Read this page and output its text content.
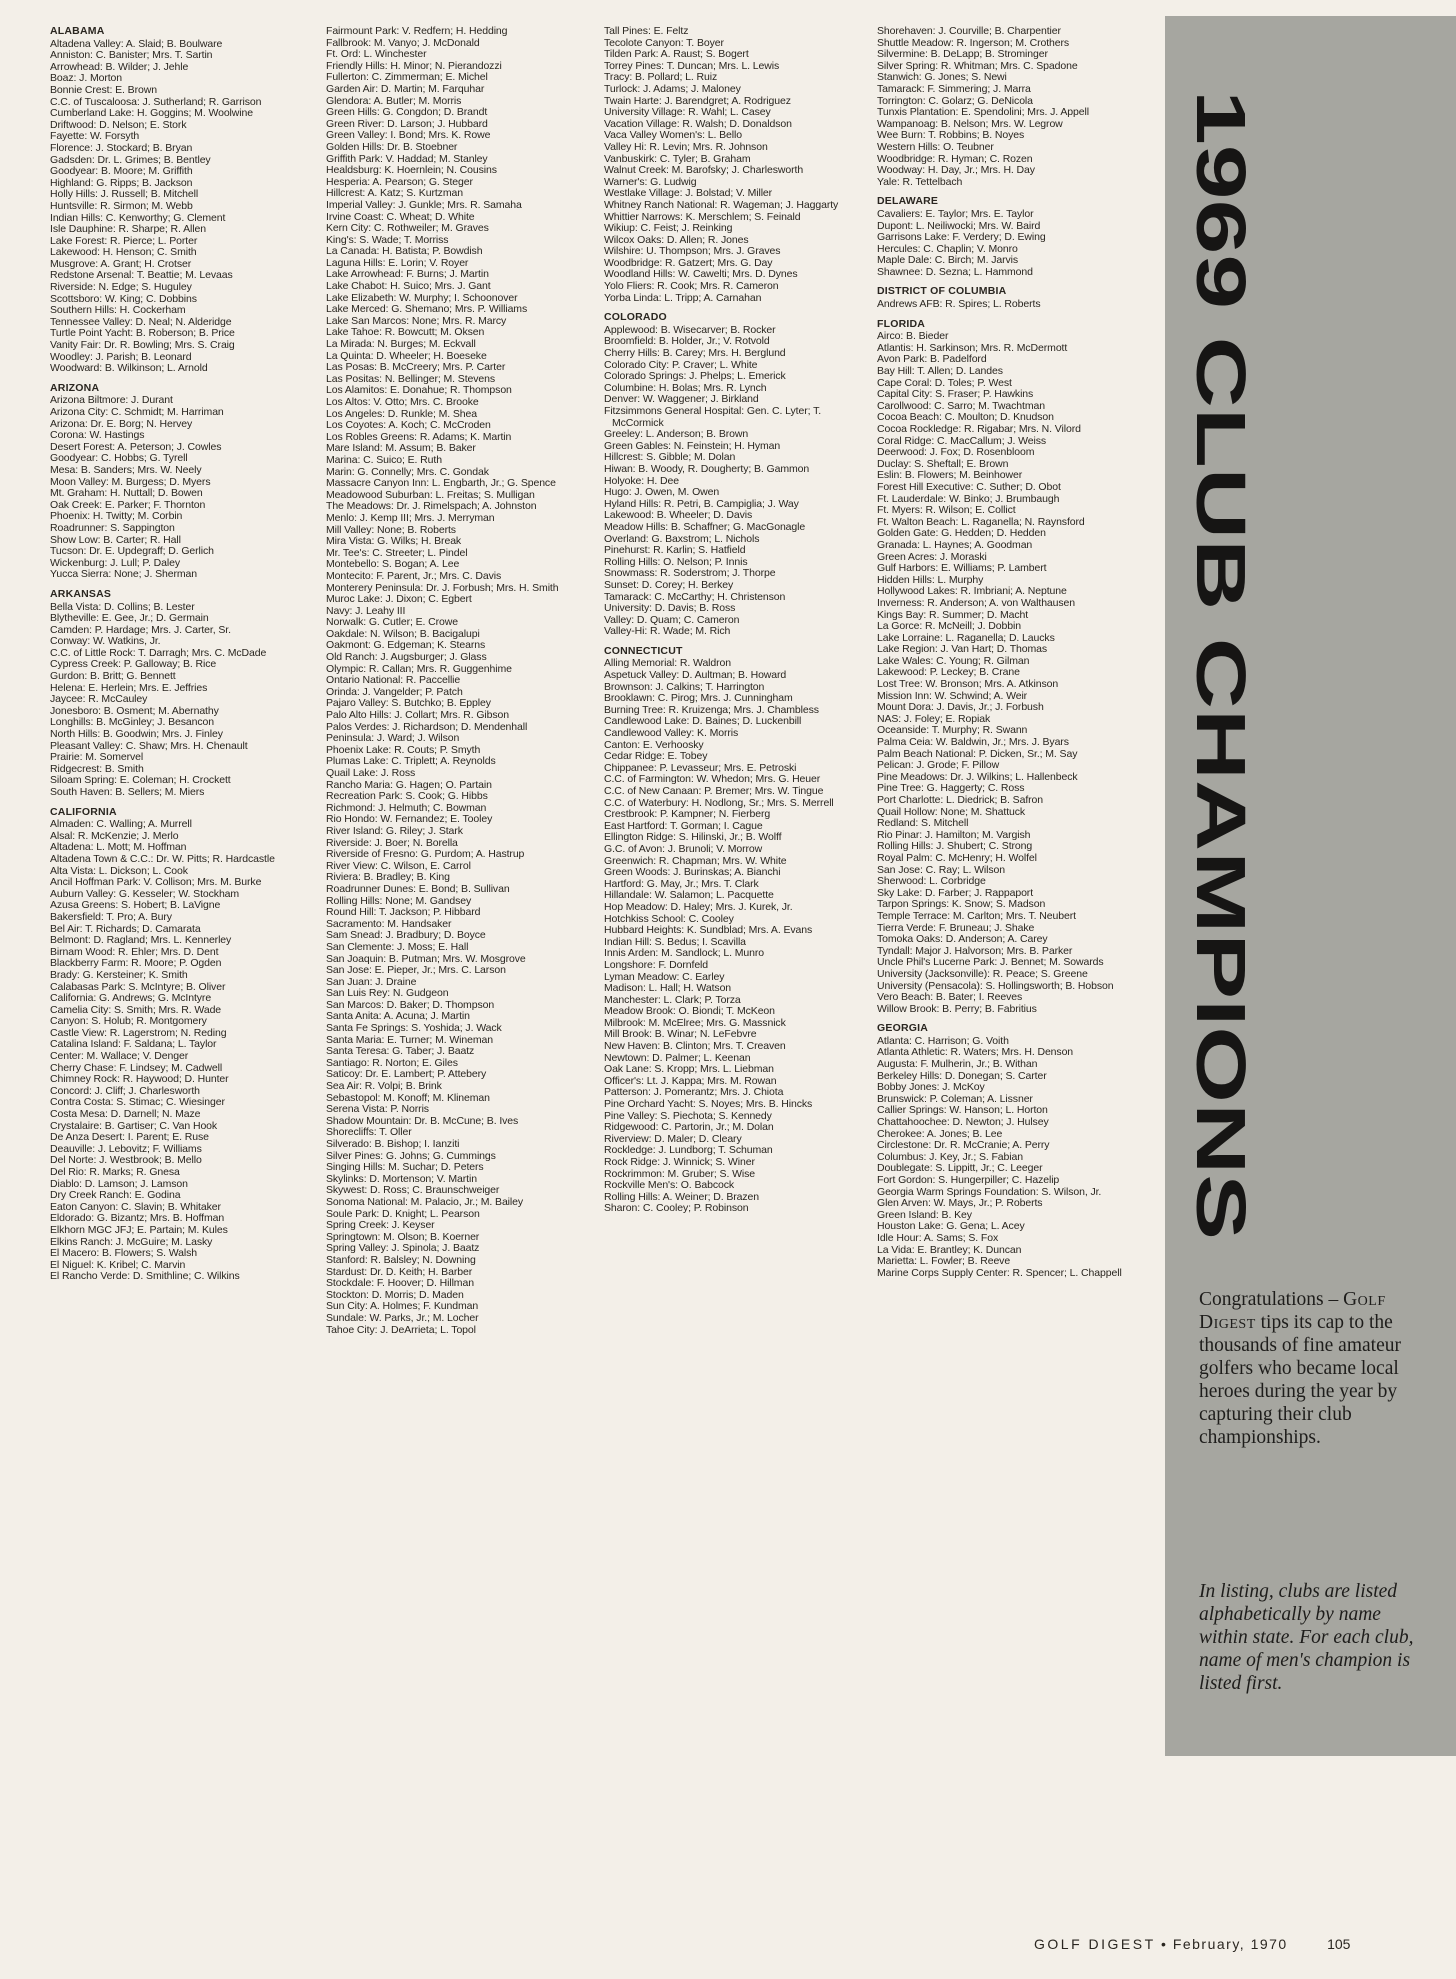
ALABAMA
Altadena Valley: A. Slaid; B. Boulware
Anniston: C. Banister; Mrs. T. Sartin
Arrowhead: B. Wilder; J. Jehle
Boaz: J. Morton
Bonnie Crest: E. Brown
C.C. of Tuscaloosa: J. Sutherland; R. Garrison
Cumberland Lake: H. Goggins; M. Woolwine
Driftwood: D. Nelson; E. Stork
Fayette: W. Forsyth
Florence: J. Stockard; B. Bryan
Gadsden: Dr. L. Grimes; B. Bentley
Goodyear: B. Moore; M. Griffith
Highland: G. Ripps; B. Jackson
Holly Hills: J. Russell; B. Mitchell
Huntsville: R. Sirmon; M. Webb
Indian Hills: C. Kenworthy; G. Clement
Isle Dauphine: R. Sharpe; R. Allen
Lake Forest: R. Pierce; L. Porter
Lakewood: H. Henson; C. Smith
Musgrove: A. Grant; H. Crotser
Redstone Arsenal: T. Beattie; M. Levaas
Riverside: N. Edge; S. Huguley
Scottsboro: W. King; C. Dobbins
Southern Hills: H. Cockerham
Tennessee Valley: D. Neal; N. Alderidge
Turtle Point Yacht: B. Roberson; B. Price
Vanity Fair: Dr. R. Bowling; Mrs. S. Craig
Woodley: J. Parish; B. Leonard
Woodward: B. Wilkinson; L. Arnold
ARIZONA
Arizona Biltmore: J. Durant
Arizona City: C. Schmidt; M. Harriman
Arizona: Dr. E. Borg; N. Hervey
Corona: W. Hastings
Desert Forest: A. Peterson; J. Cowles
Goodyear: C. Hobbs; G. Tyrell
Mesa: B. Sanders; Mrs. W. Neely
Moon Valley: M. Burgess; D. Myers
Mt. Graham: H. Nuttall; D. Bowen
Oak Creek: E. Parker; F. Thornton
Phoenix: H. Twitty; M. Corbin
Roadrunner: S. Sappington
Show Low: B. Carter; R. Hall
Tucson: Dr. E. Updegraff; D. Gerlich
Wickenburg: J. Lull; P. Daley
Yucca Sierra: None; J. Sherman
ARKANSAS
Bella Vista: D. Collins; B. Lester
Blytheville: E. Gee, Jr.; D. Germain
Camden: P. Hardage; Mrs. J. Carter, Sr.
Conway: W. Watkins, Jr.
C.C. of Little Rock: T. Darragh; Mrs. C. McDade
Cypress Creek: P. Galloway; B. Rice
Gurdon: B. Britt; G. Bennett
Helena: E. Herlein; Mrs. E. Jeffries
Jaycee: R. McCauley
Jonesboro: B. Osment; M. Abernathy
Longhills: B. McGinley; J. Besancon
North Hills: B. Goodwin; Mrs. J. Finley
Pleasant Valley: C. Shaw; Mrs. H. Chenault
Prairie: M. Somervel
Ridgecrest: B. Smith
Siloam Spring: E. Coleman; H. Crockett
South Haven: B. Sellers; M. Miers
CALIFORNIA
Almaden: C. Walling; A. Murrell
Alsal: R. McKenzie; J. Merlo
Altadena: L. Mott; M. Hoffman
Altadena Town & C.C.: Dr. W. Pitts; R. Hardcastle
Alta Vista: L. Dickson; L. Cook
Ancil Hoffman Park: V. Collison; Mrs. M. Burke
Auburn Valley: G. Kesseler; W. Stockham
Azusa Greens: S. Hobert; B. LaVigne
Bakersfield: T. Pro; A. Bury
Bel Air: T. Richards; D. Camarata
Belmont: D. Ragland; Mrs. L. Kennerley
Birnam Wood: R. Ehler; Mrs. D. Dent
Blackberry Farm: R. Moore; P. Ogden
Brady: G. Kersteiner; K. Smith
Calabasas Park: S. McIntyre; B. Oliver
California: G. Andrews; G. McIntyre
Camelia City: S. Smith; Mrs. R. Wade
Canyon: S. Holub; R. Montgomery
Castle View: R. Lagerstrom; N. Reding
Catalina Island: F. Saldana; L. Taylor
Center: M. Wallace; V. Denger
Cherry Chase: F. Lindsey; M. Cadwell
Chimney Rock: R. Haywood; D. Hunter
Concord: J. Cliff; J. Charlesworth
Contra Costa: S. Stimac; C. Wiesinger
Costa Mesa: D. Darnell; N. Maze
Crystalaire: B. Gartiser; C. Van Hook
De Anza Desert: I. Parent; E. Ruse
Deauville: J. Lebovitz; F. Williams
Del Norte: J. Westbrook; B. Mello
Del Rio: R. Marks; R. Gnesa
Diablo: D. Lamson; J. Lamson
Dry Creek Ranch: E. Godina
Eaton Canyon: C. Slavin; B. Whitaker
Eldorado: G. Bizantz; Mrs. B. Hoffman
Elkhorn MGC JFJ; E. Partain; M. Kules
Elkins Ranch: J. McGuire; M. Lasky
El Macero: B. Flowers; S. Walsh
El Niguel: K. Kribel; C. Marvin
El Rancho Verde: D. Smithline; C. Wilkins
Fairmount Park: V. Redfern; H. Hedding
Fallbrook: M. Vanyo; J. McDonald
Ft. Ord: L. Winchester
Friendly Hills: H. Minor; N. Pierandozzi
Fullerton: C. Zimmerman; E. Michel
Garden Air: D. Martin; M. Farquhar
Glendora: A. Butler; M. Morris
Green Hills: G. Congdon; D. Brandt
Green River: D. Larson; J. Hubbard
Green Valley: I. Bond; Mrs. K. Rowe
Golden Hills: Dr. B. Stoebner
Griffith Park: V. Haddad; M. Stanley
Healdsburg: K. Hoernlein; N. Cousins
Hesperia: A. Pearson; G. Steger
Hillcrest: A. Katz; S. Kurtzman
Imperial Valley: J. Gunkle; Mrs. R. Samaha
Irvine Coast: C. Wheat; D. White
Kern City: C. Rothweiler; M. Graves
King's: S. Wade; T. Morriss
La Canada: H. Batista; P. Bowdish
Laguna Hills: E. Lorin; V. Royer
Lake Arrowhead: F. Burns; J. Martin
Lake Chabot: H. Suico; Mrs. J. Gant
Lake Elizabeth: W. Murphy; I. Schoonover
Lake Merced: G. Shemano; Mrs. P. Williams
Lake San Marcos: None; Mrs. R. Marcy
Lake Tahoe: R. Bowcutt; M. Oksen
La Mirada: N. Burges; M. Eckvall
La Quinta: D. Wheeler; H. Boeseke
Las Posas: B. McCreery; Mrs. P. Carter
Las Positas: N. Bellinger; M. Stevens
Los Alamitos: E. Donahue; R. Thompson
Los Altos: V. Otto; Mrs. C. Brooke
Los Angeles: D. Runkle; M. Shea
Los Coyotes: A. Koch; C. McCroden
Los Robles Greens: R. Adams; K. Martin
Mare Island: M. Assum; B. Baker
Marina: C. Suico; E. Ruth
Marin: G. Connelly; Mrs. C. Gondak
Massacre Canyon Inn: L. Engbarth, Jr.; G. Spence
Meadowood Suburban: L. Freitas; S. Mulligan
The Meadows: Dr. J. Rimelspach; A. Johnston
Menlo: J. Kemp III; Mrs. J. Merryman
Mill Valley: None; B. Roberts
Mira Vista: G. Wilks; H. Break
Mr. Tee's: C. Streeter; L. Pindel
Montebello: S. Bogan; A. Lee
Montecito: F. Parent, Jr.; Mrs. C. Davis
Monterery Peninsula: Dr. J. Forbush; Mrs. H. Smith
Muroc Lake: J. Dixon; C. Egbert
Navy: J. Leahy III
Norwalk: G. Cutler; E. Crowe
Oakdale: N. Wilson; B. Bacigalupi
Oakmont: G. Edgeman; K. Stearns
Old Ranch: J. Augsburger; J. Glass
Olympic: R. Callan; Mrs. R. Guggenhime
Ontario National: R. Paccellie
Orinda: J. Vangelder; P. Patch
Pajaro Valley: S. Butchko; B. Eppley
Palo Alto Hills: J. Collart; Mrs. R. Gibson
Palos Verdes: J. Richardson; D. Mendenhall
Peninsula: J. Ward; J. Wilson
Phoenix Lake: R. Couts; P. Smyth
Plumas Lake: C. Triplett; A. Reynolds
Quail Lake: J. Ross
Rancho Maria: G. Hagen; O. Partain
Recreation Park: S. Cook; G. Hibbs
Richmond: J. Helmuth; C. Bowman
Rio Hondo: W. Fernandez; E. Tooley
River Island: G. Riley; J. Stark
Riverside: J. Boer; N. Borella
Riverside of Fresno: G. Purdom; A. Hastrup
River View: C. Wilson, E. Carrol
Riviera: B. Bradley; B. King
Roadrunner Dunes: E. Bond; B. Sullivan
Rolling Hills: None; M. Gandsey
Round Hill: T. Jackson; P. Hibbard
Sacramento: M. Handsaker
Sam Snead: J. Bradbury; D. Boyce
San Clemente: J. Moss; E. Hall
San Joaquin: B. Putman; Mrs. W. Mosgrove
San Jose: E. Pieper, Jr.; Mrs. C. Larson
San Juan: J. Draine
San Luis Rey: N. Gudgeon
San Marcos: D. Baker; D. Thompson
Santa Anita: A. Acuna; J. Martin
Santa Fe Springs: S. Yoshida; J. Wack
Santa Maria: E. Turner; M. Wineman
Santa Teresa: G. Taber; J. Baatz
Santiago: R. Norton; E. Giles
Saticoy: Dr. E. Lambert; P. Attebery
Sea Air: R. Volpi; B. Brink
Sebastopol: M. Konoff; M. Klineman
Serena Vista: P. Norris
Shadow Mountain: Dr. B. McCune; B. Ives
Shorecliffs: T. Oller
Silverado: B. Bishop; I. Ianziti
Silver Pines: G. Johns; G. Cummings
Singing Hills: M. Suchar; D. Peters
Skylinks: D. Mortenson; V. Martin
Skywest: D. Ross; C. Braunschweiger
Sonoma National: M. Palacio, Jr.; M. Bailey
Soule Park: D. Knight; L. Pearson
Spring Creek: J. Keyser
Springtown: M. Olson; B. Koerner
Spring Valley: J. Spinola; J. Baatz
Stanford: R. Balsley; N. Downing
Stardust: Dr. D. Keith; H. Barber
Stockdale: F. Hoover; D. Hillman
Stockton: D. Morris; D. Maden
Sun City: A. Holmes; F. Kundman
Sundale: W. Parks, Jr.; M. Locher
Tahoe City: J. DeArrieta; L. Topol
Tall Pines: E. Feltz
Tecolote Canyon: T. Boyer
Tilden Park: A. Raust; S. Bogert
Torrey Pines: T. Duncan; Mrs. L. Lewis
Tracy: B. Pollard; L. Ruiz
Turlock: J. Adams; J. Maloney
Twain Harte: J. Barendgret; A. Rodriguez
University Village: R. Wahl; L. Casey
Vacation Village: R. Walsh; D. Donaldson
Vaca Valley Women's: L. Bello
Valley Hi: R. Levin; Mrs. R. Johnson
Vanbuskirk: C. Tyler; B. Graham
Walnut Creek: M. Barofsky; J. Charlesworth
Warner's: G. Ludwig
Westlake Village: J. Bolstad; V. Miller
Whitney Ranch National: R. Wageman; J. Haggarty
Whittier Narrows: K. Merschlem; S. Feinald
Wikiup: C. Feist; J. Reinking
Wilcox Oaks: D. Allen; R. Jones
Wilshire: U. Thompson; Mrs. J. Graves
Woodbridge: R. Gatzert; Mrs. G. Day
Woodland Hills: W. Cawelti; Mrs. D. Dynes
Yolo Fliers: R. Cook; Mrs. R. Cameron
Yorba Linda: L. Tripp; A. Carnahan
COLORADO
Applewood: B. Wisecarver; B. Rocker
Broomfield: B. Holder, Jr.; V. Rotvold
Cherry Hills: B. Carey; Mrs. H. Berglund
Colorado City: P. Craver; L. White
Colorado Springs: J. Phelps; L. Emerick
Columbine: H. Bolas; Mrs. R. Lynch
Denver: W. Waggener; J. Birkland
Fitzsimmons General Hospital: Gen. C. Lyter; T. McCormick
Greeley: L. Anderson; B. Brown
Green Gables: N. Feinstein; H. Hyman
Hillcrest: S. Gibble; M. Dolan
Hiwan: B. Woody, R. Dougherty; B. Gammon
Holyoke: H. Dee
Hugo: J. Owen, M. Owen
Hyland Hills: R. Petri, B. Campiglia; J. Way
Lakewood: B. Wheeler; D. Davis
Meadow Hills: B. Schaffner; G. MacGonagle
Overland: G. Baxstrom; L. Nichols
Pinehurst: R. Karlin; S. Hatfield
Rolling Hills: O. Nelson; P. Innis
Snowmass: R. Soderstrom; J. Thorpe
Sunset: D. Corey; H. Berkey
Tamarack: C. McCarthy; H. Christenson
University: D. Davis; B. Ross
Valley: D. Quam; C. Cameron
Valley-Hi: R. Wade; M. Rich
CONNECTICUT
Alling Memorial: R. Waldron
Aspetuck Valley: D. Aultman; B. Howard
Brownson: J. Calkins; T. Harrington
Brooklawn: C. Pirog; Mrs. J. Cunningham
Burning Tree: R. Kruizenga; Mrs. J. Chambless
Candlewood Lake: D. Baines; D. Luckenbill
Candlewood Valley: K. Morris
Canton: E. Verhoosky
Cedar Ridge: E. Tobey
Chippanee: P. Levasseur; Mrs. E. Petroski
C.C. of Farmington: W. Whedon; Mrs. G. Heuer
C.C. of New Canaan: P. Bremer; Mrs. W. Tingue
C.C. of Waterbury: H. Nodlong, Sr.; Mrs. S. Merrell
Crestbrook: P. Kampner; N. Fierberg
East Hartford: T. Gorman; I. Cague
Ellington Ridge: S. Hilinski, Jr.; B. Wolff
G.C. of Avon: J. Brunoli; V. Morrow
Greenwich: R. Chapman; Mrs. W. White
Green Woods: J. Burinskas; A. Bianchi
Hartford: G. May, Jr.; Mrs. T. Clark
Hillandale: W. Salamon; L. Pacquette
Hop Meadow: D. Haley; Mrs. J. Kurek, Jr.
Hotchkiss School: C. Cooley
Hubbard Heights: K. Sundblad; Mrs. A. Evans
Indian Hill: S. Bedus; I. Scavilla
Innis Arden: M. Sandlock; L. Munro
Longshore: F. Dornfeld
Lyman Meadow: C. Earley
Madison: L. Hall; H. Watson
Manchester: L. Clark; P. Torza
Meadow Brook: O. Biondi; T. McKeon
Milbrook: M. McElree; Mrs. G. Massnick
Mill Brook: B. Winar; N. LeFebvre
New Haven: B. Clinton; Mrs. T. Creaven
Newtown: D. Palmer; L. Keenan
Oak Lane: S. Kropp; Mrs. L. Liebman
Officer's: Lt. J. Kappa; Mrs. M. Rowan
Patterson: J. Pomerantz; Mrs. J. Chiota
Pine Orchard Yacht: S. Noyes; Mrs. B. Hincks
Pine Valley: S. Piechota; S. Kennedy
Ridgewood: C. Partorin, Jr.; M. Dolan
Riverview: D. Maler; D. Cleary
Rockledge: J. Lundborg; T. Schuman
Rock Ridge: J. Winnick; S. Winer
Rockrimmon: M. Gruber; S. Wise
Rockville Men's: O. Babcock
Rolling Hills: A. Weiner; D. Brazen
Sharon: C. Cooley; P. Robinson
Shorehaven: J. Courville; B. Charpentier
Shuttle Meadow: R. Ingerson; M. Crothers
Silvermine: B. DeLapp; B. Strominger
Silver Spring: R. Whitman; Mrs. C. Spadone
Stanwich: G. Jones; S. Newi
Tamarack: F. Simmering; J. Marra
Torrington: C. Golarz; G. DeNicola
Tunxis Plantation: E. Spendolini; Mrs. J. Appell
Wampanoag: B. Nelson; Mrs. W. Legrow
Wee Burn: T. Robbins; B. Noyes
Western Hills: O. Teubner
Woodbridge: R. Hyman; C. Rozen
Woodway: H. Day, Jr.; Mrs. H. Day
Yale: R. Tettelbach
DELAWARE
Cavaliers: E. Taylor; Mrs. E. Taylor
Dupont: L. Neiliwocki; Mrs. W. Baird
Garrisons Lake: F. Verdery; D. Ewing
Hercules: C. Chaplin; V. Monro
Maple Dale: C. Birch; M. Jarvis
Shawnee: D. Sezna; L. Hammond
DISTRICT OF COLUMBIA
Andrews AFB: R. Spires; L. Roberts
FLORIDA
Airco: B. Bieder
Atlantis: H. Sarkinson; Mrs. R. McDermott
Avon Park: B. Padelford
Bay Hill: T. Allen; D. Landes
Cape Coral: D. Toles; P. West
Capital City: S. Fraser; P. Hawkins
Carollwood: C. Sarro; M. Twachtman
Cocoa Beach: C. Moulton; D. Knudson
Cocoa Rockledge: R. Rigabar; Mrs. N. Vilord
Coral Ridge: C. MacCallum; J. Weiss
Deerwood: J. Fox; D. Rosenbloom
Duclay: S. Sheftall; E. Brown
Eslin: B. Flowers; M. Beinhower
Forest Hill Executive: C. Suther; D. Obot
Ft. Lauderdale: W. Binko; J. Brumbaugh
Ft. Myers: R. Wilson; E. Collict
Ft. Walton Beach: L. Raganella; N. Raynsford
Golden Gate: G. Hedden; D. Hedden
Granada: L. Haynes; A. Goodman
Green Acres: J. Moraski
Gulf Harbors: E. Williams; P. Lambert
Hidden Hills: L. Murphy
Hollywood Lakes: R. Imbriani; A. Neptune
Inverness: R. Anderson; A. von Walthausen
Kings Bay: R. Summer; D. Macht
La Gorce: R. McNeill; J. Dobbin
Lake Lorraine: L. Raganella; D. Laucks
Lake Region: J. Van Hart; D. Thomas
Lake Wales: C. Young; R. Gilman
Lakewood: P. Leckey; B. Crane
Lost Tree: W. Bronson; Mrs. A. Atkinson
Mission Inn: W. Schwind; A. Weir
Mount Dora: J. Davis, Jr.; J. Forbush
NAS: J. Foley; E. Ropiak
Oceanside: T. Murphy; R. Swann
Palma Ceia: W. Baldwin, Jr.; Mrs. J. Byars
Palm Beach National: P. Dicken, Sr.; M. Say
Pelican: J. Grode; F. Pillow
Pine Meadows: Dr. J. Wilkins; L. Hallenbeck
Pine Tree: G. Haggerty; C. Ross
Port Charlotte: L. Diedrick; B. Safron
Quail Hollow: None; M. Shattuck
Redland: S. Mitchell
Rio Pinar: J. Hamilton; M. Vargish
Rolling Hills: J. Shubert; C. Strong
Royal Palm: C. McHenry; H. Wolfel
San Jose: C. Ray; L. Wilson
Sherwood: L. Corbridge
Sky Lake: D. Farber; J. Rappaport
Tarpon Springs: K. Snow; S. Madson
Temple Terrace: M. Carlton; Mrs. T. Neubert
Tierra Verde: F. Bruneau; J. Shake
Tomoka Oaks: D. Anderson; A. Carey
Tyndall: Major J. Halvorson; Mrs. B. Parker
Uncle Phil's Lucerne Park: J. Bennet; M. Sowards
University (Jacksonville): R. Peace; S. Greene
University (Pensacola): S. Hollingsworth; B. Hobson
Vero Beach: B. Bater; I. Reeves
Willow Brook: B. Perry; B. Fabritius
GEORGIA
Atlanta: C. Harrison; G. Voith
Atlanta Athletic: R. Waters; Mrs. H. Denson
Augusta: F. Mulherin, Jr.; B. Withan
Berkeley Hills: D. Donegan; S. Carter
Bobby Jones: J. McKoy
Brunswick: P. Coleman; A. Lissner
Callier Springs: W. Hanson; L. Horton
Chattahoochee: D. Newton; J. Hulsey
Cherokee: A. Jones; B. Lee
Circlestone: Dr. R. McCranie; A. Perry
Columbus: J. Key, Jr.; S. Fabian
Doublegate: S. Lippitt, Jr.; C. Leeger
Fort Gordon: S. Hungerpiller; C. Hazelip
Georgia Warm Springs Foundation: S. Wilson, Jr.
Glen Arven: W. Mays, Jr.; P. Roberts
Green Island: B. Key
Houston Lake: G. Gena; L. Acey
Idle Hour: A. Sams; S. Fox
La Vida: E. Brantley; K. Duncan
Marietta: L. Fowler; B. Reeve
Marine Corps Supply Center: R. Spencer; L. Chappell
1969 CLUB CHAMPIONS
Congratulations – Golf Digest tips its cap to the thousands of fine amateur golfers who became local heroes during the year by capturing their club championships.
In listing, clubs are listed alphabetically by name within state. For each club, name of men's champion is listed first.
GOLF DIGEST • February, 1970	105
